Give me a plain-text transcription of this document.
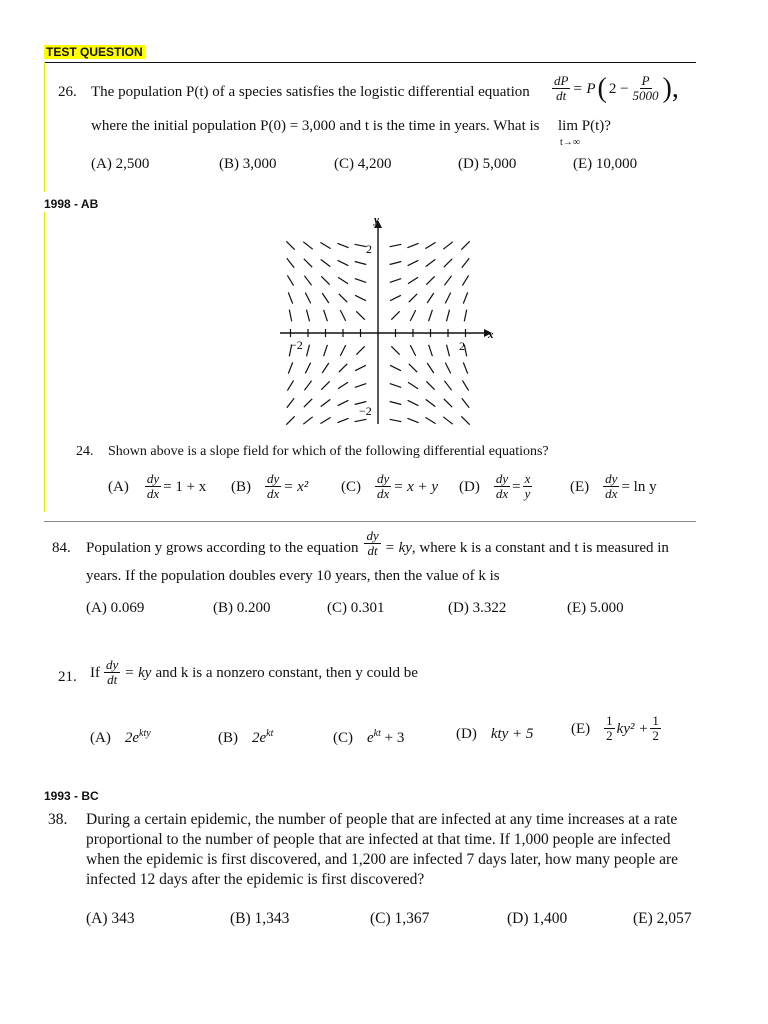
TEST QUESTION
26. The population P(t) of a species satisfies the logistic differential equation $\frac{dP}{dt} = P$ ( $2 - \frac{P}{5000}$ ),
where the initial population P(0) = 3,000 and t is the time in years. What is lim P(t)?
t→∞
(A) 2,500	(B) 3,000	(C) 4,200	(D) 5,000	(E) 10,000
1998 - AB
y
x
2
−2	2
−2
24. Shown above is a slope field for which of the following differential equations?
$(A) \frac{dy}{dx} = 1 + x$ $(B) \frac{dy}{dx} = x^2$ $(C) \frac{dy}{dx} = x + y$ $(D) \frac{dy}{dx} = \frac{x}{y}$	$(E) \frac{dy}{dx} = \ln y$
84. Population y grows according to the equation $\frac{dy}{dt}$ = ky , where k is a constant and t is measured in
years. If the population doubles every 10 years, then the value of k is
(A) 0.069	(B) 0.200	(C) 0.301	(D) 3.322	(E) 5.000
21. If $\frac{dy}{dt}$ = ky and k is a nonzero constant, then y could be
(A) $2e^{kty}$	(B) $2e^{kt}$	(C) $e^{kt} + 3$	(D) kty + 5	$(E) \frac{1}{2} ky^2 + \frac{1}{2}$
1993 - BC
38. During a certain epidemic, the number of people that are infected at any time increases at a rate
proportional to the number of people that are infected at that time. If 1,000 people are infected
when the epidemic is first discovered, and 1,200 are infected 7 days later, how many people are
infected 12 days after the epidemic is first discovered?
(A) 343	(B) 1,343	(C) 1,367	(D) 1,400	(E) 2,057
